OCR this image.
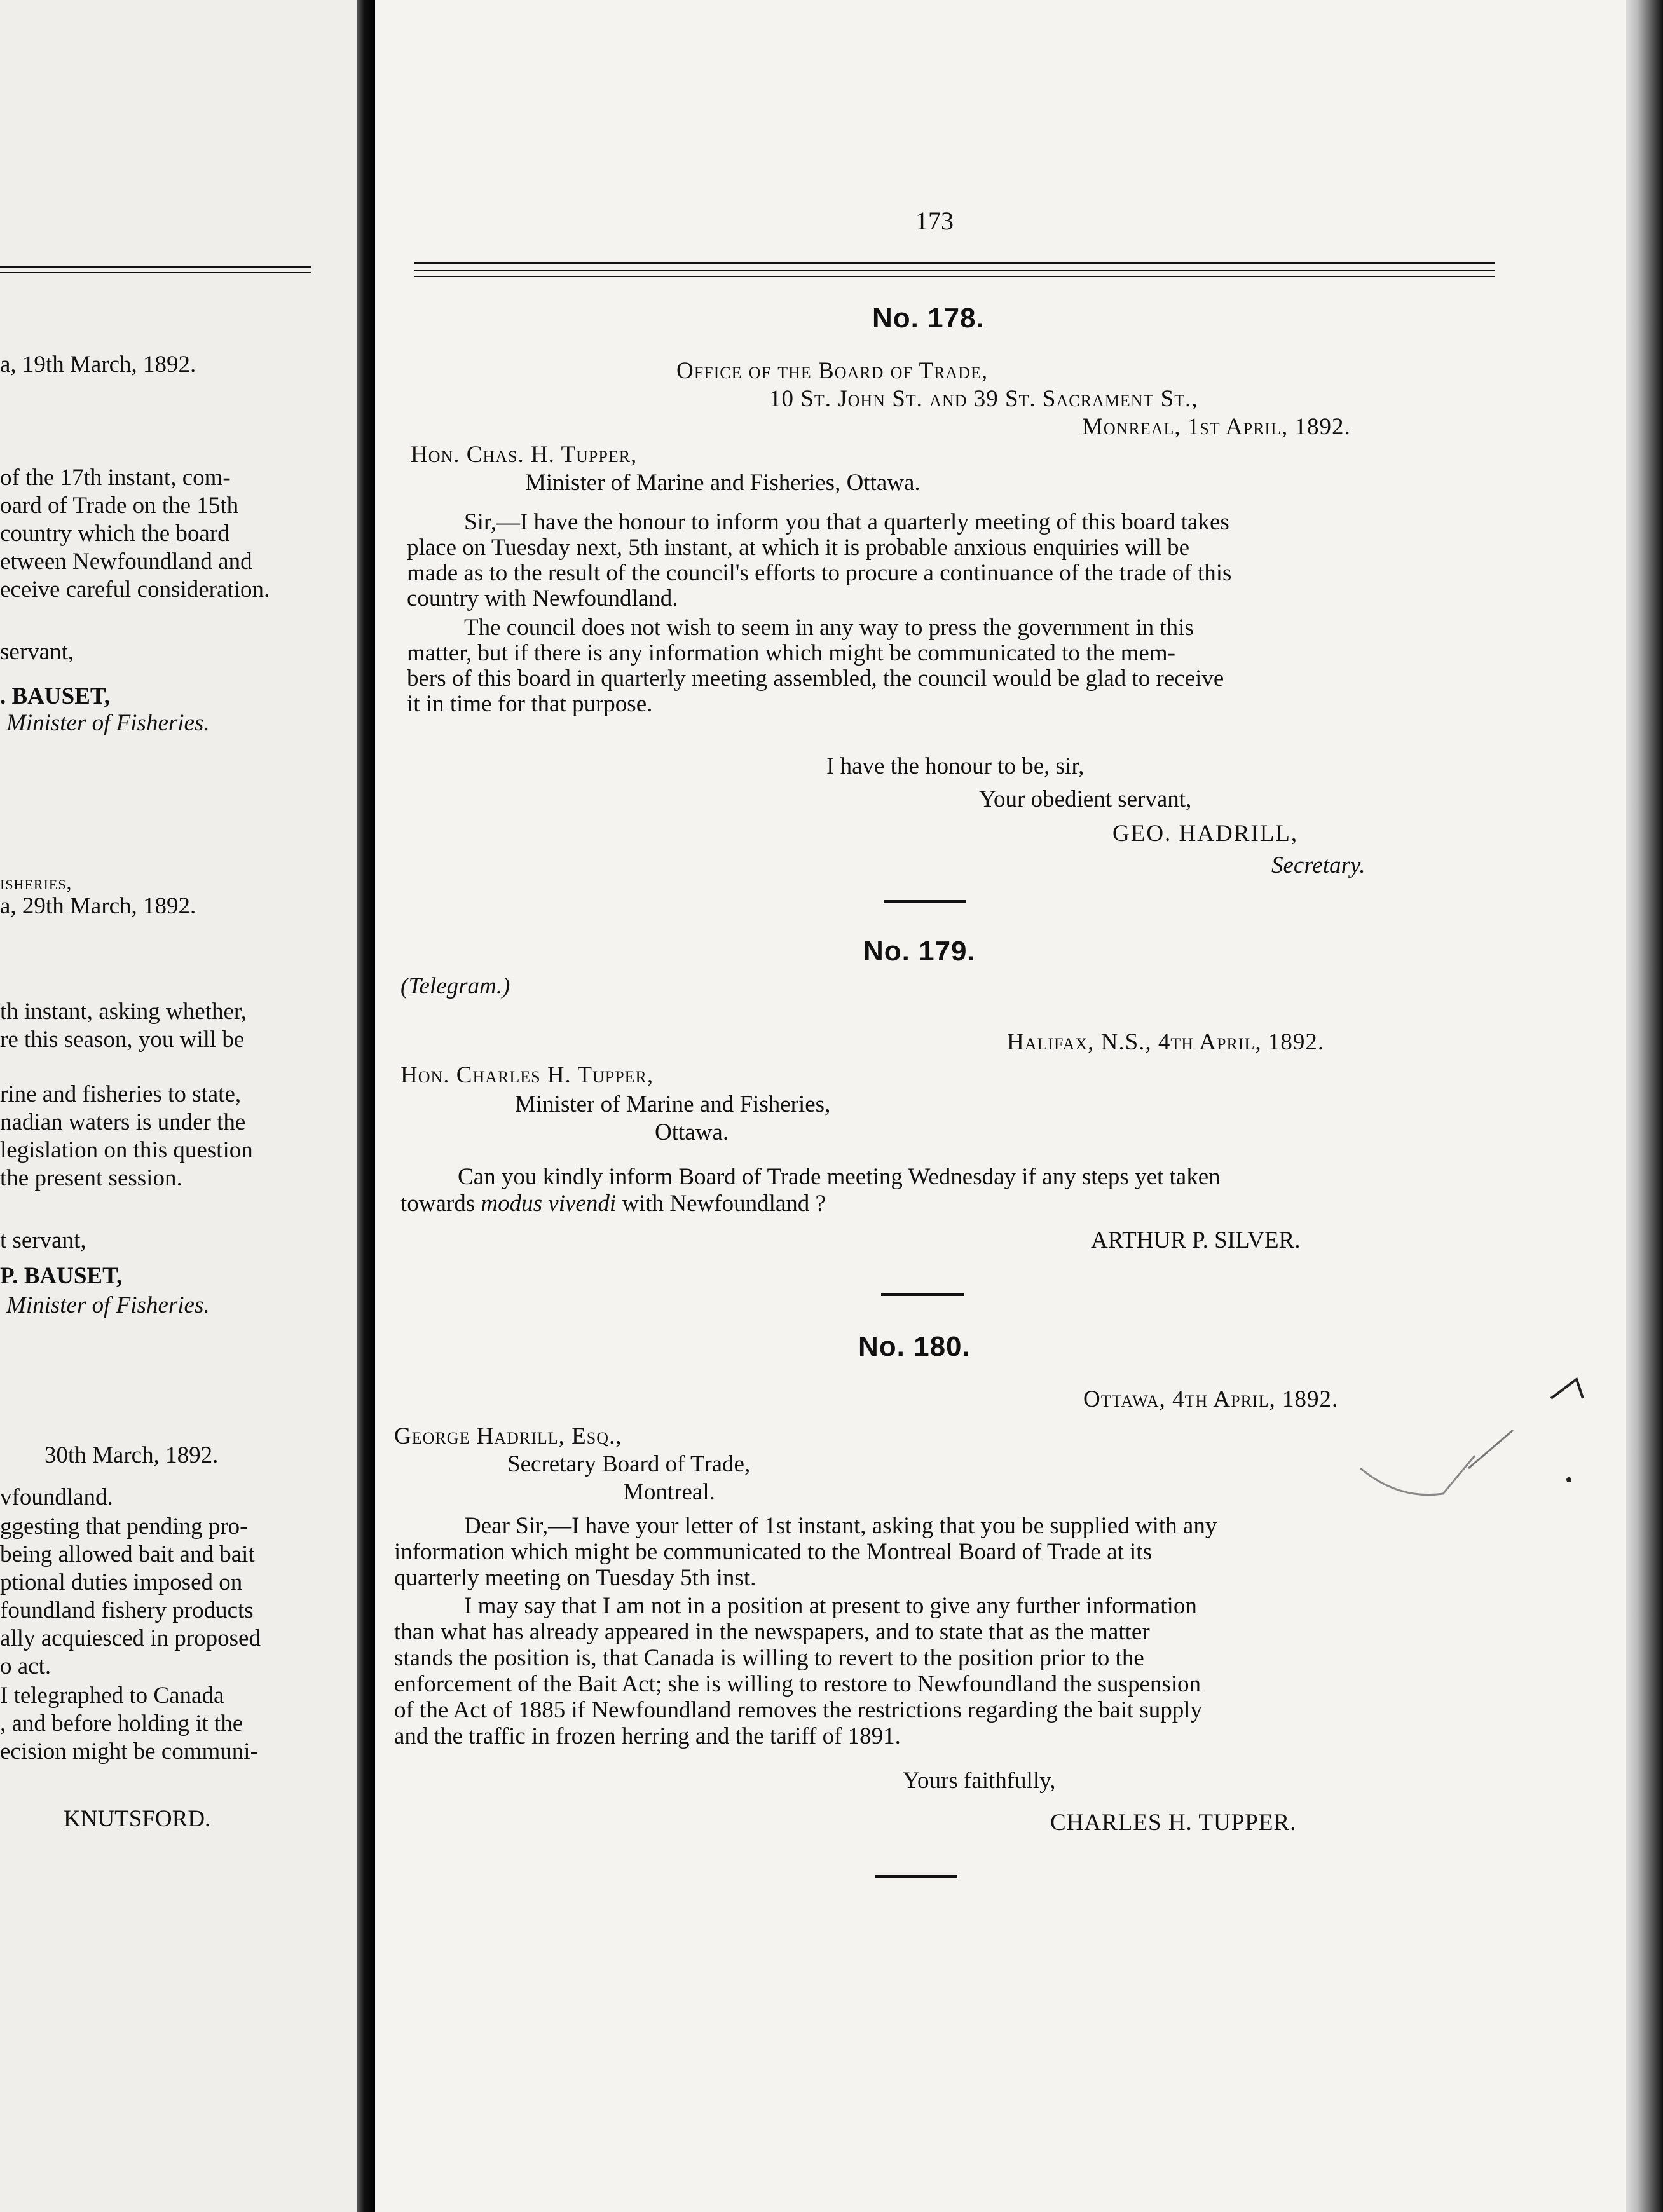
a, 19th March, 1892.
of the 17th instant, com-
oard of Trade on the 15th
country which the board
etween Newfoundland and
eceive careful consideration.
servant,
. BAUSET,
Minister of Fisheries.
isheries,
a, 29th March, 1892.
th instant, asking whether,
re this season, you will be
rine and fisheries to state,
nadian waters is under the
legislation on this question
the present session.
t servant,
P. BAUSET,
Minister of Fisheries.
30th March, 1892.
vfoundland.
ggesting that pending pro-
being allowed bait and bait
ptional duties imposed on
foundland fishery products
ally acquiesced in proposed
o act.
I telegraphed to Canada
, and before holding it the
ecision might be communi-
KNUTSFORD.
173
No. 178.
Office of the Board of Trade,
10 St. John St. and 39 St. Sacrament St.,
Monreal, 1st April, 1892.
Hon. Chas. H. Tupper,
Minister of Marine and Fisheries, Ottawa.
Sir,—I have the honour to inform you that a quarterly meeting of this board takes
place on Tuesday next, 5th instant, at which it is probable anxious enquiries will be
made as to the result of the council's efforts to procure a continuance of the trade of this
country with Newfoundland.
The council does not wish to seem in any way to press the government in this
matter, but if there is any information which might be communicated to the mem-
bers of this board in quarterly meeting assembled, the council would be glad to receive
it in time for that purpose.
I have the honour to be, sir,
Your obedient servant,
GEO. HADRILL,
Secretary.
No. 179.
(Telegram.)
Halifax, N.S., 4th April, 1892.
Hon. Charles H. Tupper,
Minister of Marine and Fisheries,
Ottawa.
Can you kindly inform Board of Trade meeting Wednesday if any steps yet taken
towards modus vivendi with Newfoundland ?
ARTHUR P. SILVER.
No. 180.
Ottawa, 4th April, 1892.
George Hadrill, Esq.,
Secretary Board of Trade,
Montreal.
Dear Sir,—I have your letter of 1st instant, asking that you be supplied with any
information which might be communicated to the Montreal Board of Trade at its
quarterly meeting on Tuesday 5th inst.
I may say that I am not in a position at present to give any further information
than what has already appeared in the newspapers, and to state that as the matter
stands the position is, that Canada is willing to revert to the position prior to the
enforcement of the Bait Act; she is willing to restore to Newfoundland the suspension
of the Act of 1885 if Newfoundland removes the restrictions regarding the bait supply
and the traffic in frozen herring and the tariff of 1891.
Yours faithfully,
CHARLES H. TUPPER.
